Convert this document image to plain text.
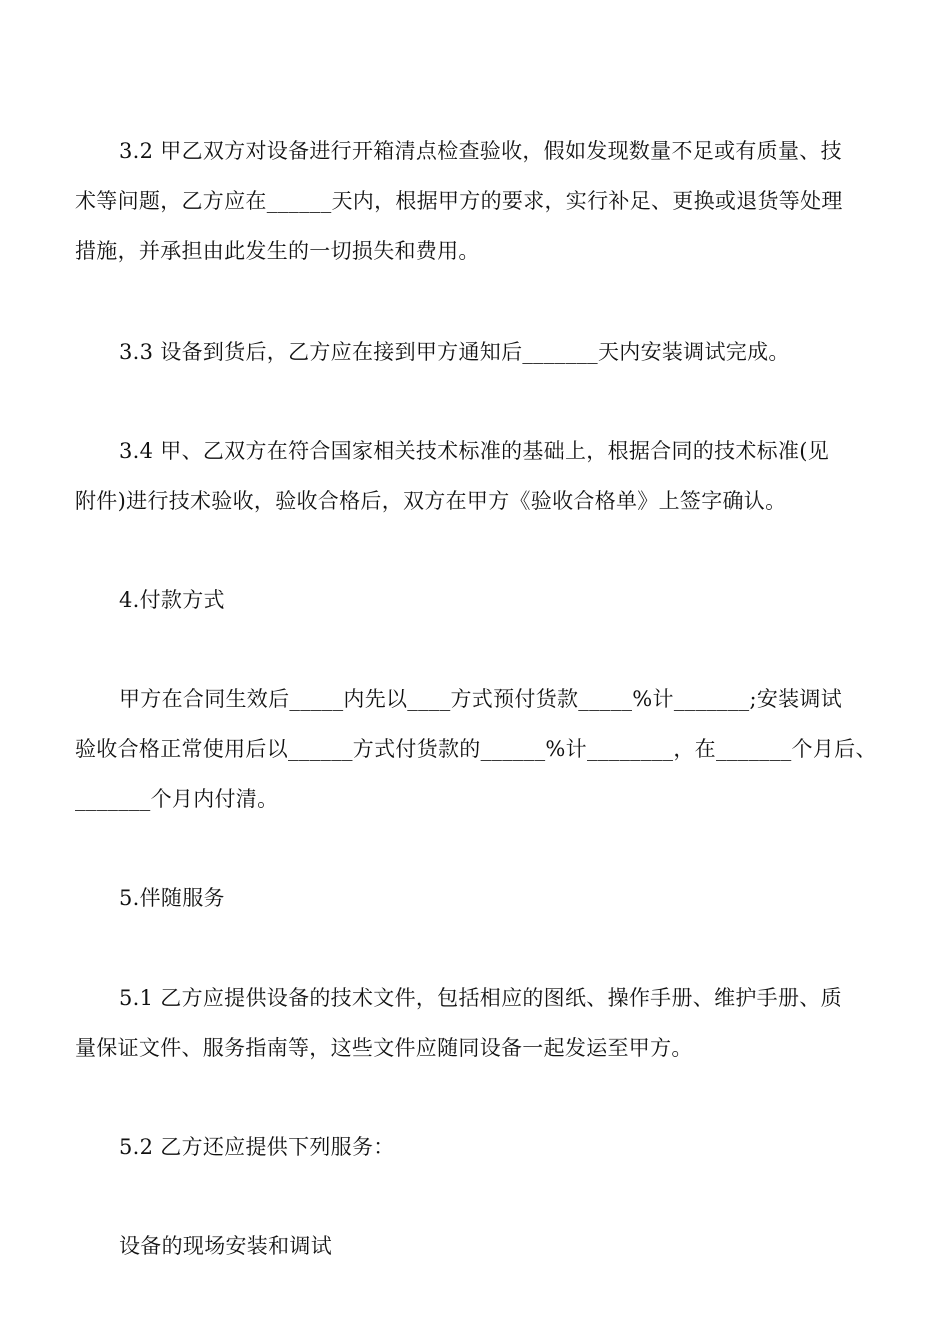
3.2 甲乙双方对设备进行开箱清点检查验收，假如发现数量不足或有质量、技
术等问题，乙方应在______天内，根据甲方的要求，实行补足、更换或退货等处理
措施，并承担由此发生的一切损失和费用。
3.3 设备到货后，乙方应在接到甲方通知后_______天内安装调试完成。
3.4 甲、乙双方在符合国家相关技术标准的基础上，根据合同的技术标准(见
附件)进行技术验收，验收合格后，双方在甲方《验收合格单》上签字确认。
4.付款方式
甲方在合同生效后_____内先以____方式预付货款_____%计_______;安装调试
验收合格正常使用后以______方式付货款的______%计________，在_______个月后、
_______个月内付清。
5.伴随服务
5.1 乙方应提供设备的技术文件，包括相应的图纸、操作手册、维护手册、质
量保证文件、服务指南等，这些文件应随同设备一起发运至甲方。
5.2 乙方还应提供下列服务：
设备的现场安装和调试
